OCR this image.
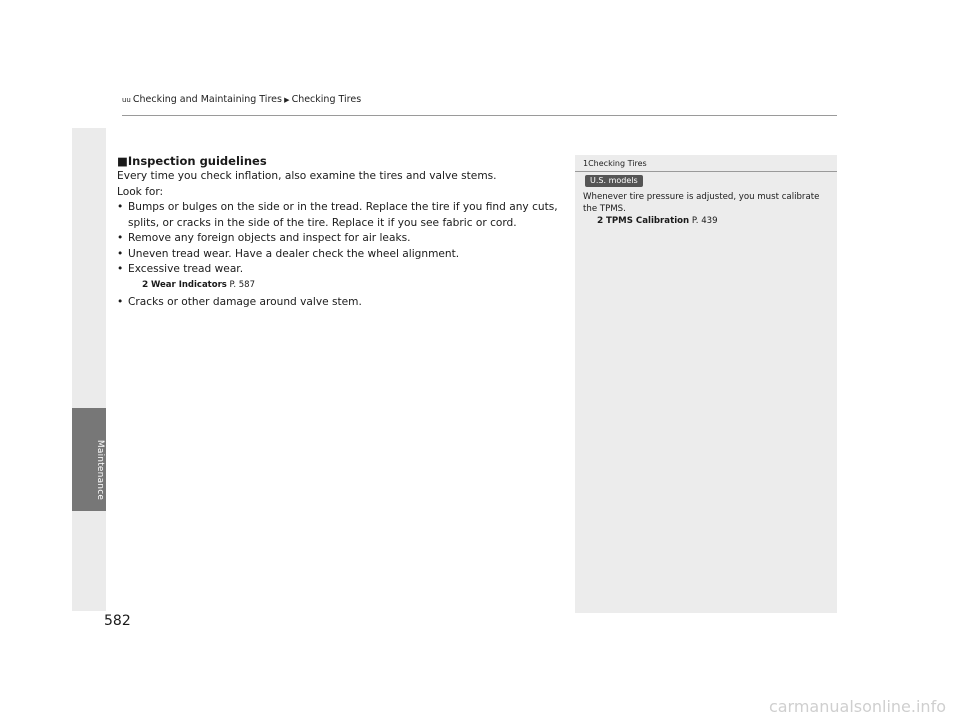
uu Checking and Maintaining Tires ▶ Checking Tires
Maintenance

■Inspection guidelines

Every time you check inflation, also examine the tires and valve stems.

Look for:

• Bumps or bulges on the side or in the tread. Replace the tire if you find any cuts, splits, or cracks in the side of the tire. Replace it if you see fabric or cord.
• Remove any foreign objects and inspect for air leaks.
• Uneven tread wear. Have a dealer check the wheel alignment.
• Excessive tread wear.
2 Wear Indicators P. 587
• Cracks or other damage around valve stem.
1Checking Tires
U.S. models
Whenever tire pressure is adjusted, you must calibrate the TPMS.
2 TPMS Calibration P. 439
582
carmanualsonline.info
